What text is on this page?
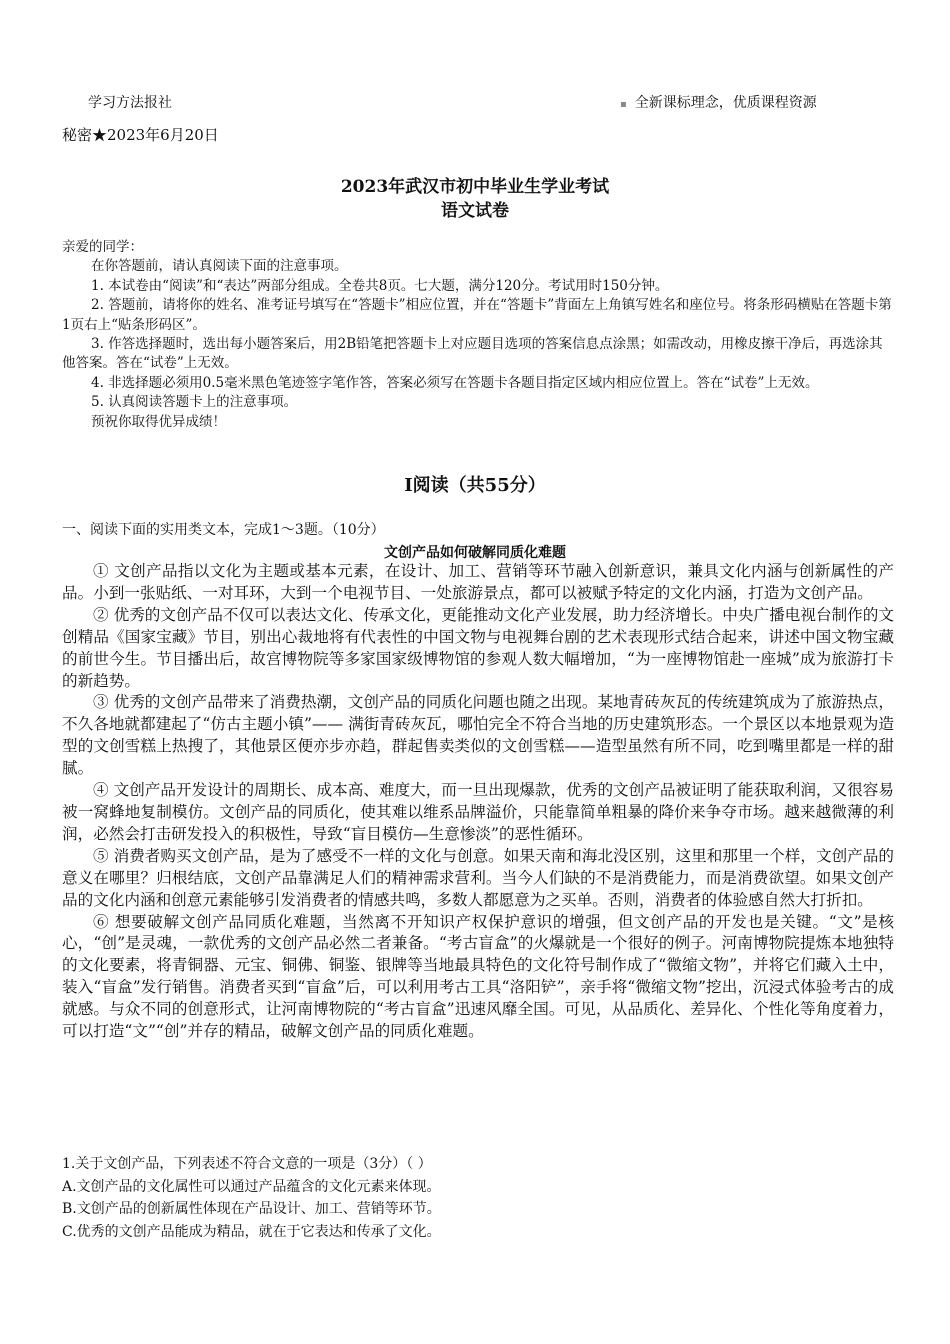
学习方法报社	▪ 全新课标理念，优质课程资源
秘密★2023年6月20日
2023年武汉市初中毕业生学业考试
语文试卷

亲爱的同学：

在你答题前，请认真阅读下面的注意事项。

1. 本试卷由“阅读”和“表达”两部分组成。全卷共8页。七大题，满分120分。考试用时150分钟。

2. 答题前，请将你的姓名、准考证号填写在“答题卡”相应位置，并在“答题卡”背面左上角镇写姓名和座位号。将条形码横贴在答题卡第1页右上“贴条形码区”。

3. 作答选择题时，选出每小题答案后，用2B铅笔把答题卡上对应题目选项的答案信息点涂黑；如需改动，用橡皮擦干净后，再选涂其他答案。答在“试卷”上无效。

4. 非选择题必须用0.5毫米黑色笔迹签字笔作答，答案必须写在答题卡各题目指定区域内相应位置上。答在“试卷”上无效。

5. 认真阅读答题卡上的注意事项。

预祝你取得优异成绩！

I阅读（共55分）
一、阅读下面的实用类文本，完成1～3题。（10分）
文创产品如何破解同质化难题

① 文创产品指以文化为主题或基本元素，在设计、加工、营销等环节融入创新意识，兼具文化内涵与创新属性的产品。小到一张贴纸、一对耳环，大到一个电视节目、一处旅游景点，都可以被赋予特定的文化内涵，打造为文创产品。

② 优秀的文创产品不仅可以表达文化、传承文化，更能推动文化产业发展，助力经济增长。中央广播电视台制作的文创精品《国家宝藏》节目，别出心裁地将有代表性的中国文物与电视舞台剧的艺术表现形式结合起来，讲述中国文物宝藏的前世今生。节目播出后，故宫博物院等多家国家级博物馆的参观人数大幅增加，“为一座博物馆赴一座城”成为旅游打卡的新趋势。

③ 优秀的文创产品带来了消费热潮，文创产品的同质化问题也随之出现。某地青砖灰瓦的传统建筑成为了旅游热点，不久各地就都建起了“仿古主题小镇”—— 满街青砖灰瓦，哪怕完全不符合当地的历史建筑形态。一个景区以本地景观为造型的文创雪糕上热搜了，其他景区便亦步亦趋，群起售卖类似的文创雪糕——造型虽然有所不同，吃到嘴里都是一样的甜腻。

④ 文创产品开发设计的周期长、成本高、难度大，而一旦出现爆款，优秀的文创产品被证明了能获取利润，又很容易被一窝蜂地复制模仿。文创产品的同质化，使其难以维系品牌溢价，只能靠简单粗暴的降价来争夺市场。越来越微薄的利润，必然会打击研发投入的积极性，导致“盲目模仿—生意惨淡”的恶性循环。

⑤ 消费者购买文创产品，是为了感受不一样的文化与创意。如果天南和海北没区别，这里和那里一个样，文创产品的意义在哪里？归根结底，文创产品靠满足人们的精神需求营利。当今人们缺的不是消费能力，而是消费欲望。如果文创产品的文化内涵和创意元素能够引发消费者的情感共鸣，多数人都愿意为之买单。否则，消费者的体验感自然大打折扣。

⑥ 想要破解文创产品同质化难题，当然离不开知识产权保护意识的增强，但文创产品的开发也是关键。“文”是核心，“创”是灵魂，一款优秀的文创产品必然二者兼备。“考古盲盒”的火爆就是一个很好的例子。河南博物院提炼本地独特的文化要素，将青铜器、元宝、铜佛、铜鉴、银牌等当地最具特色的文化符号制作成了“微缩文物”，并将它们藏入土中，装入“盲盒”发行销售。消费者买到“盲盒”后，可以利用考古工具“洛阳铲”，亲手将“微缩文物”挖出，沉浸式体验考古的成就感。与众不同的创意形式，让河南博物院的“考古盲盒”迅速风靡全国。可见，从品质化、差异化、个性化等角度着力，可以打造“文”“创”并存的精品，破解文创产品的同质化难题。

1.关于文创产品，下列表述不符合文意的一项是（3分）（ ）

A.文创产品的文化属性可以通过产品蕴含的文化元素来体现。

B.文创产品的创新属性体现在产品设计、加工、营销等环节。

C.优秀的文创产品能成为精品，就在于它表达和传承了文化。
